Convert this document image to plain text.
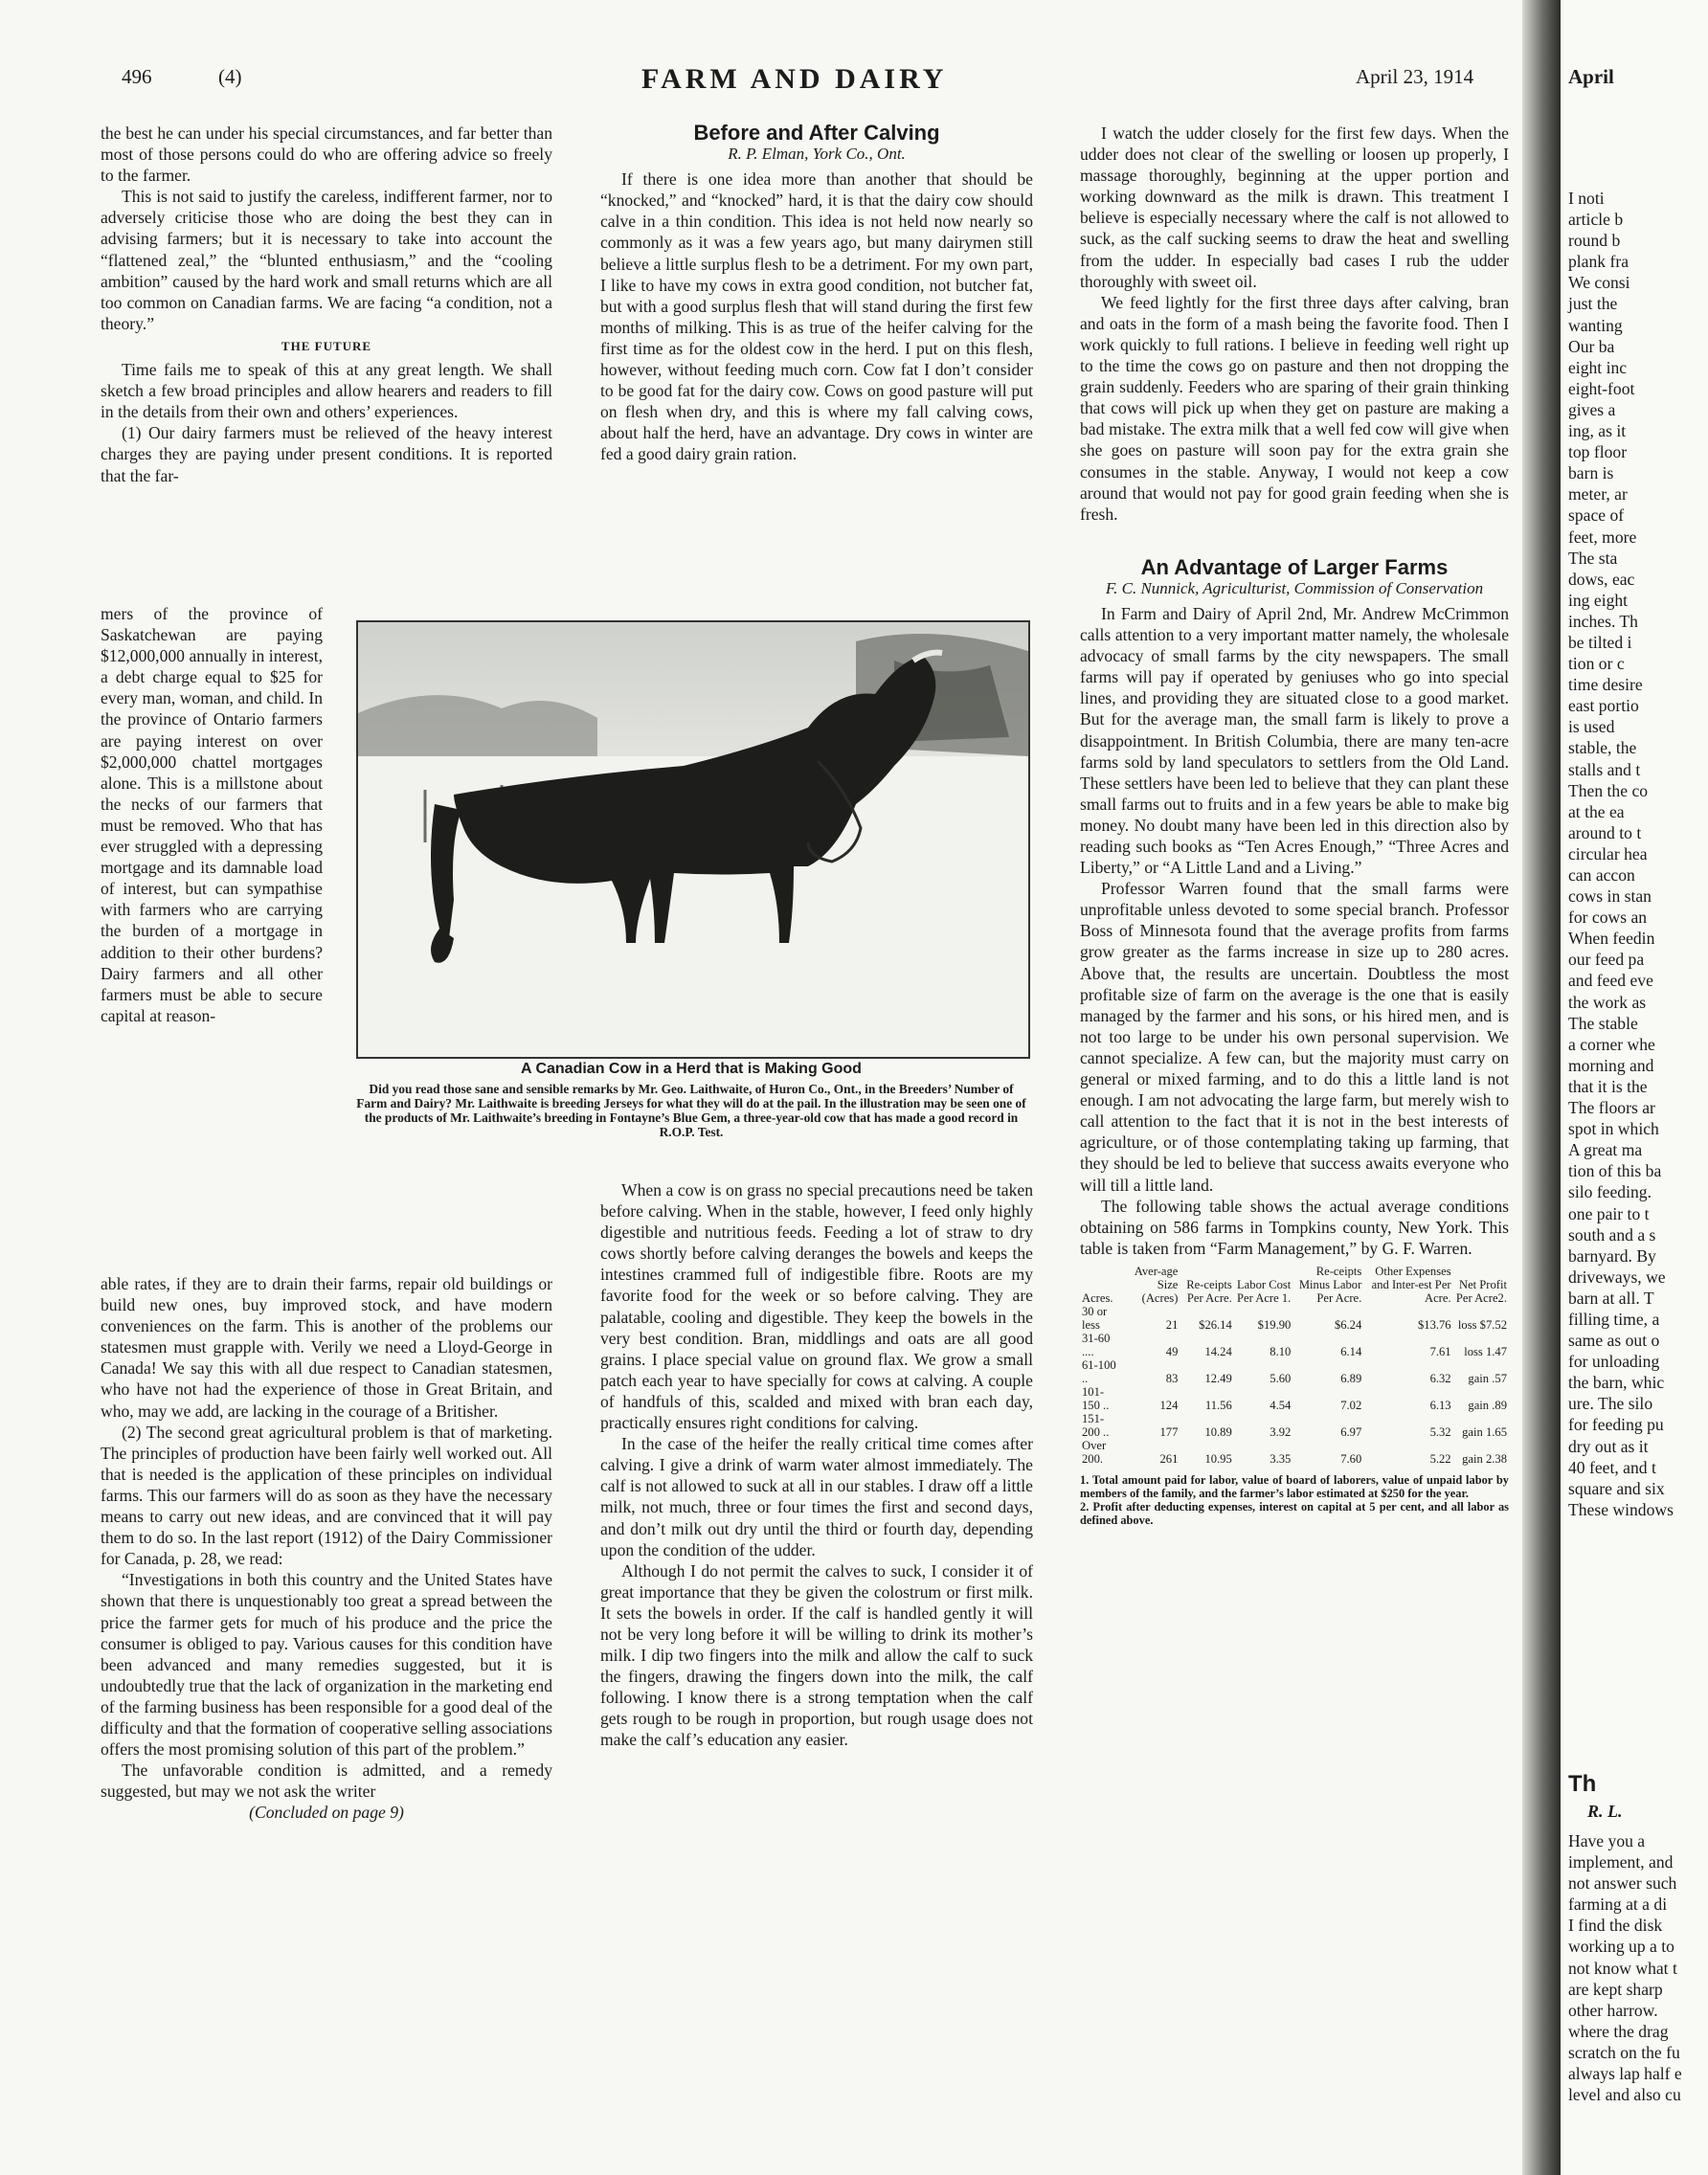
496	(4)	FARM AND DAIRY	April 23, 1914

the best he can under his special circumstances, and far better than most of those persons could do who are offering advice so freely to the farmer.

This is not said to justify the careless, indifferent farmer, nor to adversely criticise those who are doing the best they can in advising farmers; but it is necessary to take into account the “flattened zeal,” the “blunted enthusiasm,” and the “cooling ambition” caused by the hard work and small returns which are all too common on Canadian farms. We are facing “a condition, not a theory.”

THE FUTURE

Time fails me to speak of this at any great length. We shall sketch a few broad principles and allow hearers and readers to fill in the details from their own and others’ experiences.

(1) Our dairy farmers must be relieved of the heavy interest charges they are paying under present conditions. It is reported that the far-

mers of the province of Saskatchewan are paying $12,000,000 annually in interest, a debt charge equal to $25 for every man, woman, and child. In the province of Ontario farmers are paying interest on over $2,000,000 chattel mortgages alone. This is a millstone about the necks of our farmers that must be removed. Who that has ever struggled with a depressing mortgage and its damnable load of interest, but can sympathise with farmers who are carrying the burden of a mortgage in addition to their other burdens? Dairy farmers and all other farmers must be able to secure capital at reason-

able rates, if they are to drain their farms, repair old buildings or build new ones, buy improved stock, and have modern conveniences on the farm. This is another of the problems our statesmen must grapple with. Verily we need a Lloyd-George in Canada! We say this with all due respect to Canadian statesmen, who have not had the experience of those in Great Britain, and who, may we add, are lacking in the courage of a Britisher.

(2) The second great agricultural problem is that of marketing. The principles of production have been fairly well worked out. All that is needed is the application of these principles on individual farms. This our farmers will do as soon as they have the necessary means to carry out new ideas, and are convinced that it will pay them to do so. In the last report (1912) of the Dairy Commissioner for Canada, p. 28, we read:

“Investigations in both this country and the United States have shown that there is unquestionably too great a spread between the price the farmer gets for much of his produce and the price the consumer is obliged to pay. Various causes for this condition have been advanced and many remedies suggested, but it is undoubtedly true that the lack of organization in the marketing end of the farming business has been responsible for a good deal of the difficulty and that the formation of cooperative selling associations offers the most promising solution of this part of the problem.”

The unfavorable condition is admitted, and a remedy suggested, but may we not ask the writer

(Concluded on page 9)
Before and After Calving
R. P. Elman, York Co., Ont.

If there is one idea more than another that should be “knocked,” and “knocked” hard, it is that the dairy cow should calve in a thin condition. This idea is not held now nearly so commonly as it was a few years ago, but many dairymen still believe a little surplus flesh to be a detriment. For my own part, I like to have my cows in extra good condition, not butcher fat, but with a good surplus flesh that will stand during the first few months of milking. This is as true of the heifer calving for the first time as for the oldest cow in the herd. I put on this flesh, however, without feeding much corn. Cow fat I don’t consider to be good fat for the dairy cow. Cows on good pasture will put on flesh when dry, and this is where my fall calving cows, about half the herd, have an advantage. Dry cows in winter are fed a good dairy grain ration.

A Canadian Cow in a Herd that is Making Good
Did you read those sane and sensible remarks by Mr. Geo. Laithwaite, of Huron Co., Ont., in the Breeders’ Number of Farm and Dairy? Mr. Laithwaite is breeding Jerseys for what they will do at the pail. In the illustration may be seen one of the products of Mr. Laithwaite’s breeding in Fontayne’s Blue Gem, a three-year-old cow that has made a good record in R.O.P. Test.

When a cow is on grass no special precautions need be taken before calving. When in the stable, however, I feed only highly digestible and nutritious feeds. Feeding a lot of straw to dry cows shortly before calving deranges the bowels and keeps the intestines crammed full of indigestible fibre. Roots are my favorite food for the week or so before calving. They are palatable, cooling and digestible. They keep the bowels in the very best condition. Bran, middlings and oats are all good grains. I place special value on ground flax. We grow a small patch each year to have specially for cows at calving. A couple of handfuls of this, scalded and mixed with bran each day, practically ensures right conditions for calving.

In the case of the heifer the really critical time comes after calving. I give a drink of warm water almost immediately. The calf is not allowed to suck at all in our stables. I draw off a little milk, not much, three or four times the first and second days, and don’t milk out dry until the third or fourth day, depending upon the condition of the udder.

Although I do not permit the calves to suck, I consider it of great importance that they be given the colostrum or first milk. It sets the bowels in order. If the calf is handled gently it will not be very long before it will be willing to drink its mother’s milk. I dip two fingers into the milk and allow the calf to suck the fingers, drawing the fingers down into the milk, the calf following. I know there is a strong temptation when the calf gets rough to be rough in proportion, but rough usage does not make the calf’s education any easier.

I watch the udder closely for the first few days. When the udder does not clear of the swelling or loosen up properly, I massage thoroughly, beginning at the upper portion and working downward as the milk is drawn. This treatment I believe is especially necessary where the calf is not allowed to suck, as the calf sucking seems to draw the heat and swelling from the udder. In especially bad cases I rub the udder thoroughly with sweet oil.

We feed lightly for the first three days after calving, bran and oats in the form of a mash being the favorite food. Then I work quickly to full rations. I believe in feeding well right up to the time the cows go on pasture and then not dropping the grain suddenly. Feeders who are sparing of their grain thinking that cows will pick up when they get on pasture are making a bad mistake. The extra milk that a well fed cow will give when she goes on pasture will soon pay for the extra grain she consumes in the stable. Anyway, I would not keep a cow around that would not pay for good grain feeding when she is fresh.

An Advantage of Larger Farms
F. C. Nunnick, Agriculturist, Commission of Conservation

In Farm and Dairy of April 2nd, Mr. Andrew McCrimmon calls attention to a very important matter namely, the wholesale advocacy of small farms by the city newspapers. The small farms will pay if operated by geniuses who go into special lines, and providing they are situated close to a good market. But for the average man, the small farm is likely to prove a disappointment. In British Columbia, there are many ten-acre farms sold by land speculators to settlers from the Old Land. These settlers have been led to believe that they can plant these small farms out to fruits and in a few years be able to make big money. No doubt many have been led in this direction also by reading such books as “Ten Acres Enough,” “Three Acres and Liberty,” or “A Little Land and a Living.”

Professor Warren found that the small farms were unprofitable unless devoted to some special branch. Professor Boss of Minnesota found that the average profits from farms grow greater as the farms increase in size up to 280 acres. Above that, the results are uncertain. Doubtless the most profitable size of farm on the average is the one that is easily managed by the farmer and his sons, or his hired men, and is not too large to be under his own personal supervision. We cannot specialize. A few can, but the majority must carry on general or mixed farming, and to do this a little land is not enough. I am not advocating the large farm, but merely wish to call attention to the fact that it is not in the best interests of agriculture, or of those contemplating taking up farming, that they should be led to believe that success awaits everyone who will till a little land.

The following table shows the actual average conditions obtaining on 586 farms in Tompkins county, New York. This table is taken from “Farm Management,” by G. F. Warren.

Acres.	Aver-age Size (Acres)	Re-ceipts Per Acre.	Labor Cost Per Acre 1.	Re-ceipts Minus Labor Per Acre.	Other Expenses and Inter-est Per Acre.	Net Profit Per Acre2.
30 or less	21	$26.14	$19.90	$6.24	$13.76	loss $7.52
31-60 ....	49	14.24	8.10	6.14	7.61	loss 1.47
61-100 ..	83	12.49	5.60	6.89	6.32	gain .57
101-150 ..	124	11.56	4.54	7.02	6.13	gain .89
151-200 ..	177	10.89	3.92	6.97	5.32	gain 1.65
Over 200.	261	10.95	3.35	7.60	5.22	gain 2.38
1. Total amount paid for labor, value of board of laborers, value of unpaid labor by members of the family, and the farmer’s labor estimated at $250 for the year.
2. Profit after deducting expenses, interest on capital at 5 per cent, and all labor as defined above.
April
I noti
article b
round b
plank fra
We consi
just the
wanting
Our ba
eight inc
eight-foot
gives a
ing, as it
top floor
barn is
meter, ar
space of
feet, more
The sta
dows, eac
ing eight
inches. Th
be tilted i
tion or c
time desire
east portio
is used
stable, the
stalls and t
Then the co
at the ea
around to t
circular hea
can accon
cows in stan
for cows an
When feedin
our feed pa
and feed eve
the work as
The stable
a corner whe
morning and
that it is the
The floors ar
spot in which
A great ma
tion of this ba
silo feeding.
one pair to t
south and a s
barnyard. By
driveways, we
barn at all. T
filling time, a
same as out o
for unloading
the barn, whic
ure. The silo
for feeding pu
dry out as it
40 feet, and t
square and six
These windows
Th
R. L.
Have you a
implement, and
not answer such
farming at a di
I find the disk
working up a to
not know what t
are kept sharp
other harrow.
where the drag
scratch on the fu
always lap half e
level and also cu
